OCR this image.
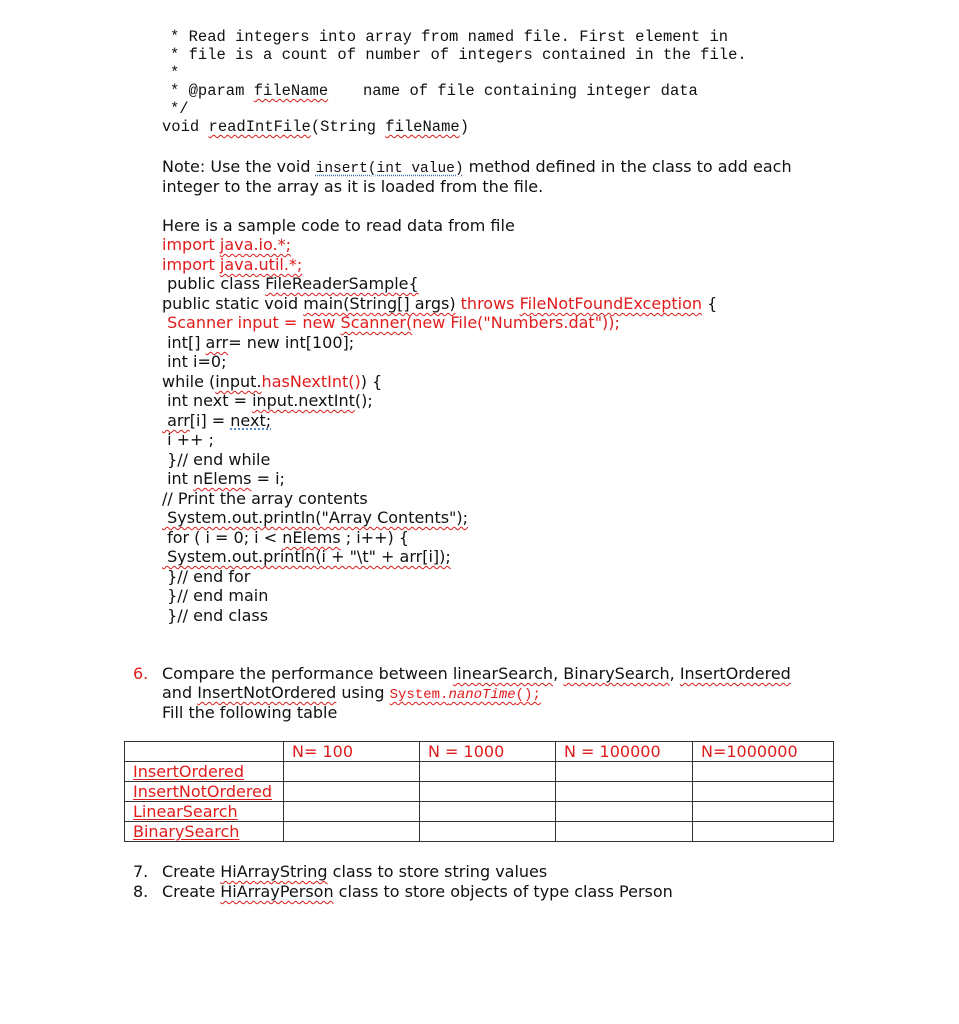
* Read integers into array from named file. First element in
* file is a count of number of integers contained in the file.
*
* @param fileName name of file containing integer data
*/
void readIntFile(String fileName)
Note: Use the void insert(int value) method defined in the class to add each
integer to the array as it is loaded from the file.
Here is a sample code to read data from file
import java.io.*;
import java.util.*;
public class FileReaderSample{
public static void main(String[] args) throws FileNotFoundException {
Scanner input = new Scanner(new File("Numbers.dat"));
int[] arr= new int[100];
int i=0;
while (input.hasNextInt()) {
int next = input.nextInt();
arr[i] = next;
i ++ ;
}// end while
int nElems = i;
// Print the array contents
System.out.println("Array Contents");
for ( i = 0; i < nElems ; i++) {
System.out.println(i + "\t" + arr[i]);
}// end for
}// end main
}// end class
6. Compare the performance between linearSearch, BinarySearch, InsertOrdered
and InsertNotOrdered using System.nanoTime();
Fill the following table
	N= 100	N = 1000	N = 100000	N=1000000
InsertOrdered				
InsertNotOrdered				
LinearSearch				
BinarySearch				
7. Create HiArrayString class to store string values
8. Create HiArrayPerson class to store objects of type class Person
